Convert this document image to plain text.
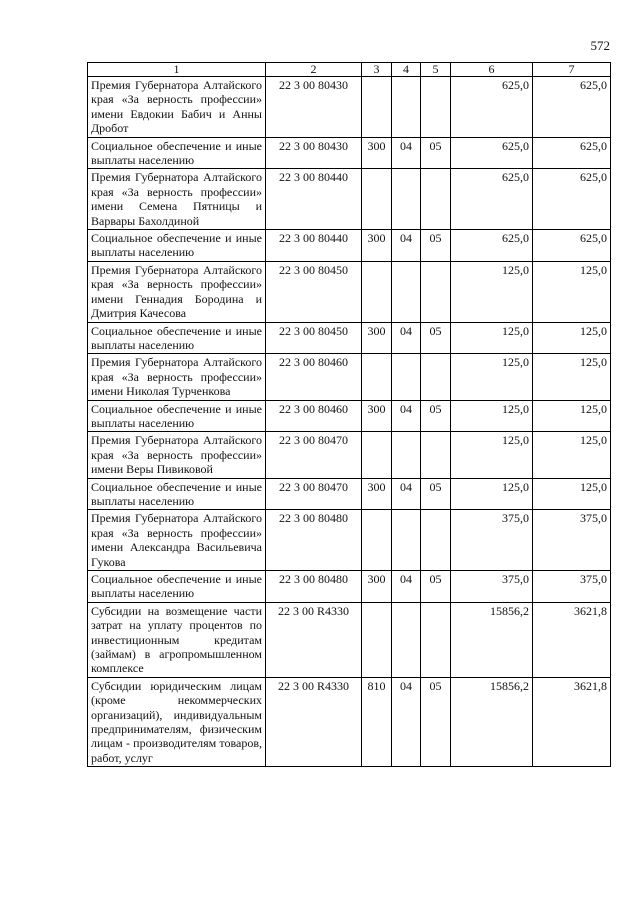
572
1	2	3	4	5	6	7
Премия Губернатора Алтайского края «За верность профессии» имени Евдокии Бабич и Анны Дробот	22 3 00 80430				625,0	625,0
Социальное обеспечение и иные выплаты населению	22 3 00 80430	300	04	05	625,0	625,0
Премия Губернатора Алтайского края «За верность профессии» имени Семена Пятницы и Варвары Бахолдиной	22 3 00 80440				625,0	625,0
Социальное обеспечение и иные выплаты населению	22 3 00 80440	300	04	05	625,0	625,0
Премия Губернатора Алтайского края «За верность профессии» имени Геннадия Бородина и Дмитрия Качесова	22 3 00 80450				125,0	125,0
Социальное обеспечение и иные выплаты населению	22 3 00 80450	300	04	05	125,0	125,0
Премия Губернатора Алтайского края «За верность профессии» имени Николая Турченкова	22 3 00 80460				125,0	125,0
Социальное обеспечение и иные выплаты населению	22 3 00 80460	300	04	05	125,0	125,0
Премия Губернатора Алтайского края «За верность профессии» имени Веры Пивиковой	22 3 00 80470				125,0	125,0
Социальное обеспечение и иные выплаты населению	22 3 00 80470	300	04	05	125,0	125,0
Премия Губернатора Алтайского края «За верность профессии» имени Александра Васильевича Гукова	22 3 00 80480				375,0	375,0
Социальное обеспечение и иные выплаты населению	22 3 00 80480	300	04	05	375,0	375,0
Субсидии на возмещение части затрат на уплату процентов по инвестиционным кредитам (займам) в агропромышленном комплексе	22 3 00 R4330				15856,2	3621,8
Субсидии юридическим лицам (кроме некоммерческих организаций), индивидуальным предпринимателям, физическим лицам - производителям товаров, работ, услуг	22 3 00 R4330	810	04	05	15856,2	3621,8
